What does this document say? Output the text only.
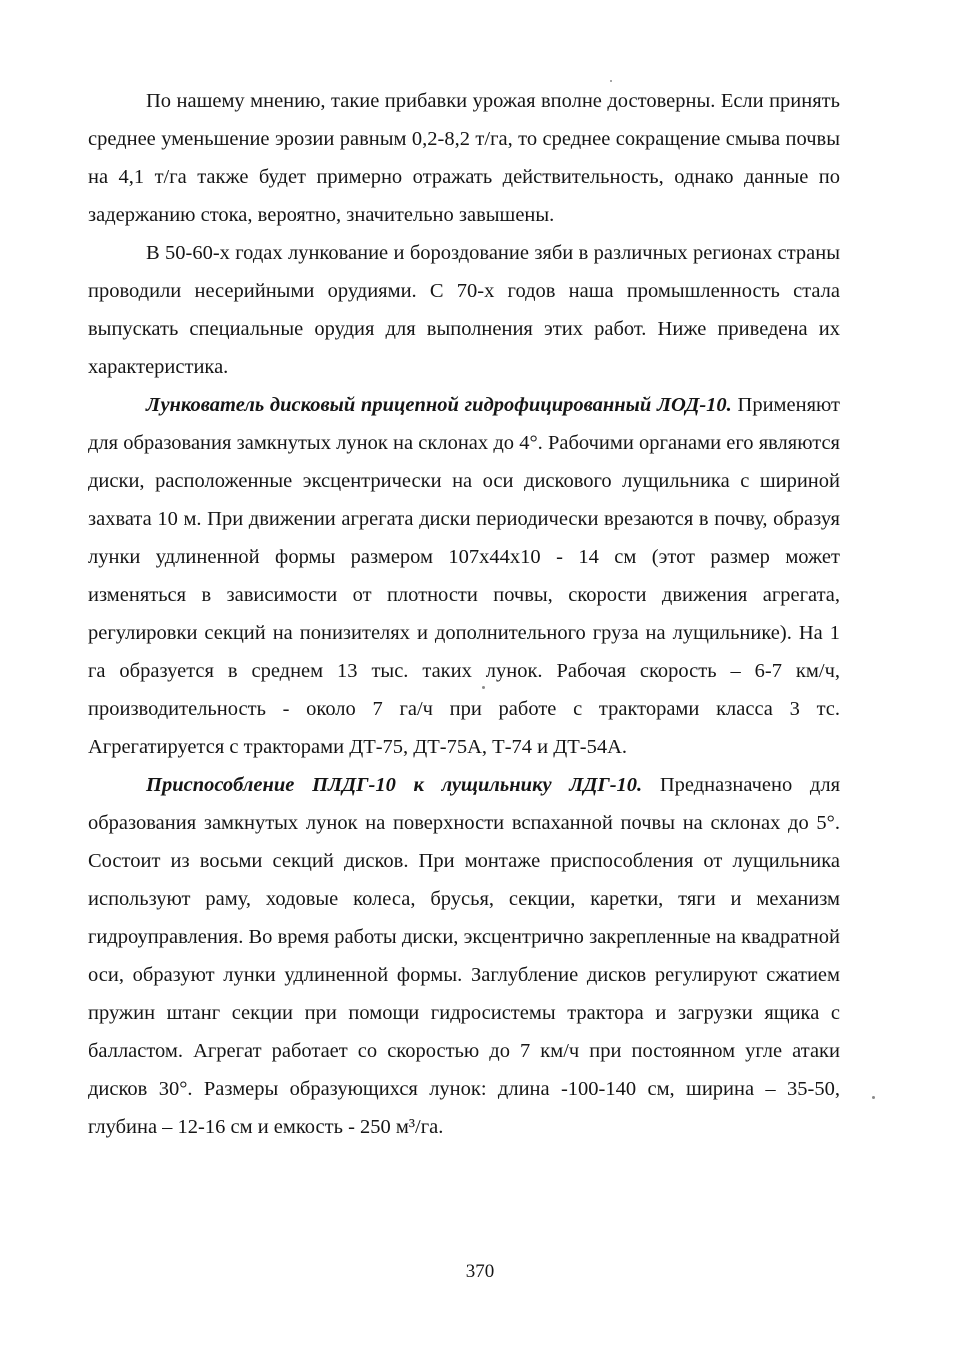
По нашему мнению, такие прибавки урожая вполне достоверны. Если принять среднее уменьшение эрозии равным 0,2-8,2 т/га, то среднее сокращение смыва почвы на 4,1 т/га также будет примерно отражать действительность, однако данные по задержанию стока, вероятно, значительно завышены.

В 50-60-х годах лункование и бороздование зяби в различных регионах страны проводили несерийными орудиями. С 70-х годов наша промышленность стала выпускать специальные орудия для выполнения этих работ. Ниже приведена их характеристика.

Лункователь дисковый прицепной гидрофицированный ЛОД-10. Применяют для образования замкнутых лунок на склонах до 4°. Рабочими органами его являются диски, расположенные эксцентрически на оси дискового лущильника с шириной захвата 10 м. При движении агрегата диски периодически врезаются в почву, образуя лунки удлиненной формы размером 107х44х10 - 14 см (этот размер может изменяться в зависимости от плотности почвы, скорости движения агрегата, регулировки секций на понизителях и дополнительного груза на лущильнике). На 1 га образуется в среднем 13 тыс. таких лунок. Рабочая скорость – 6-7 км/ч, производительность - около 7 га/ч при работе с тракторами класса 3 тс. Агрегатируется с тракторами ДТ-75, ДТ-75А, Т-74 и ДТ-54А.

Приспособление ПЛДГ-10 к лущильнику ЛДГ-10. Предназначено для образования замкнутых лунок на поверхности вспаханной почвы на склонах до 5°. Состоит из восьми секций дисков. При монтаже приспособления от лущильника используют раму, ходовые колеса, брусья, секции, каретки, тяги и механизм гидроуправления. Во время работы диски, эксцентрично закрепленные на квадратной оси, образуют лунки удлиненной формы. Заглубление дисков регулируют сжатием пружин штанг секции при помощи гидросистемы трактора и загрузки ящика с балластом. Агрегат работает со скоростью до 7 км/ч при постоянном угле атаки дисков 30°. Размеры образующихся лунок: длина -100-140 см, ширина – 35-50, глубина – 12-16 см и емкость - 250 м³/га.

370
